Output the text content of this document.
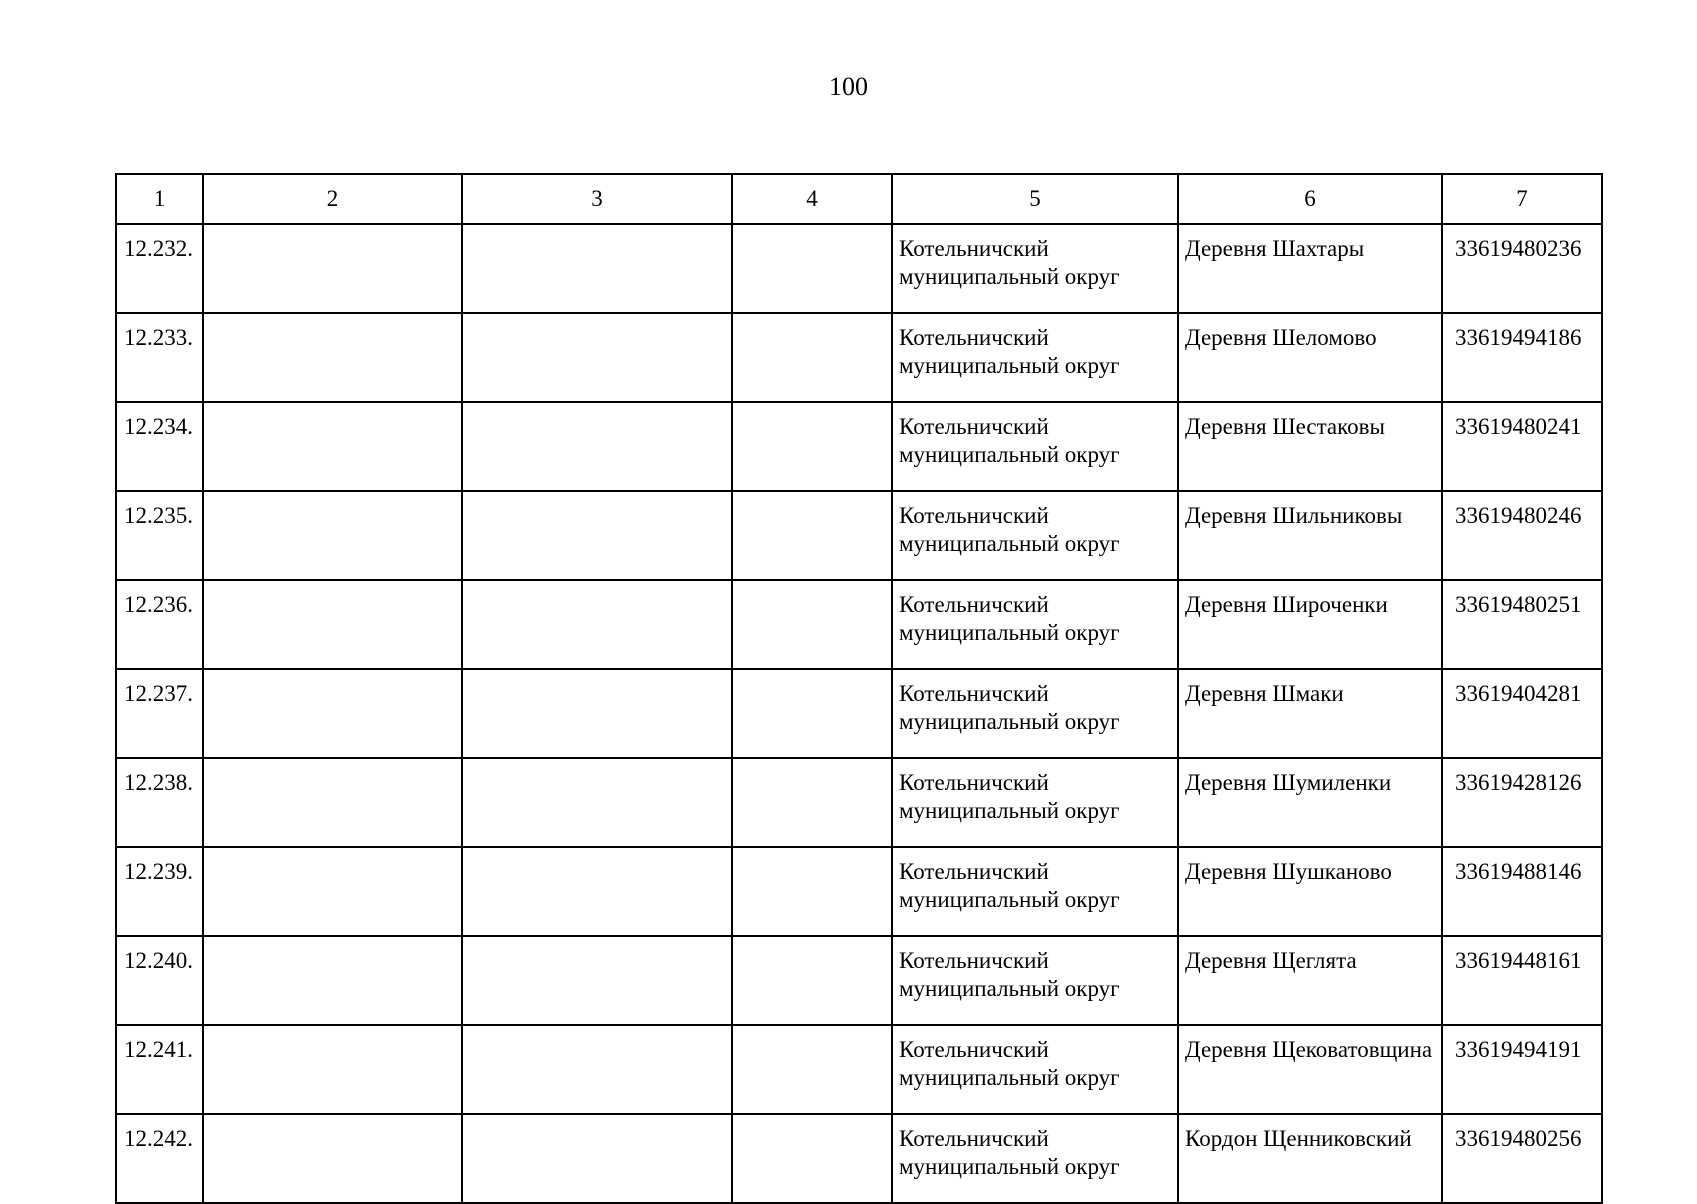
100
1	2	3	4	5	6	7
12.232.				Котельничский муниципальный округ	Деревня Шахтары	33619480236
12.233.				Котельничский муниципальный округ	Деревня Шеломово	33619494186
12.234.				Котельничский муниципальный округ	Деревня Шестаковы	33619480241
12.235.				Котельничский муниципальный округ	Деревня Шильниковы	33619480246
12.236.				Котельничский муниципальный округ	Деревня Широченки	33619480251
12.237.				Котельничский муниципальный округ	Деревня Шмаки	33619404281
12.238.				Котельничский муниципальный округ	Деревня Шумиленки	33619428126
12.239.				Котельничский муниципальный округ	Деревня Шушканово	33619488146
12.240.				Котельничский муниципальный округ	Деревня Щеглята	33619448161
12.241.				Котельничский муниципальный округ	Деревня Щековатовщина	33619494191
12.242.				Котельничский муниципальный округ	Кордон Щенниковский	33619480256
